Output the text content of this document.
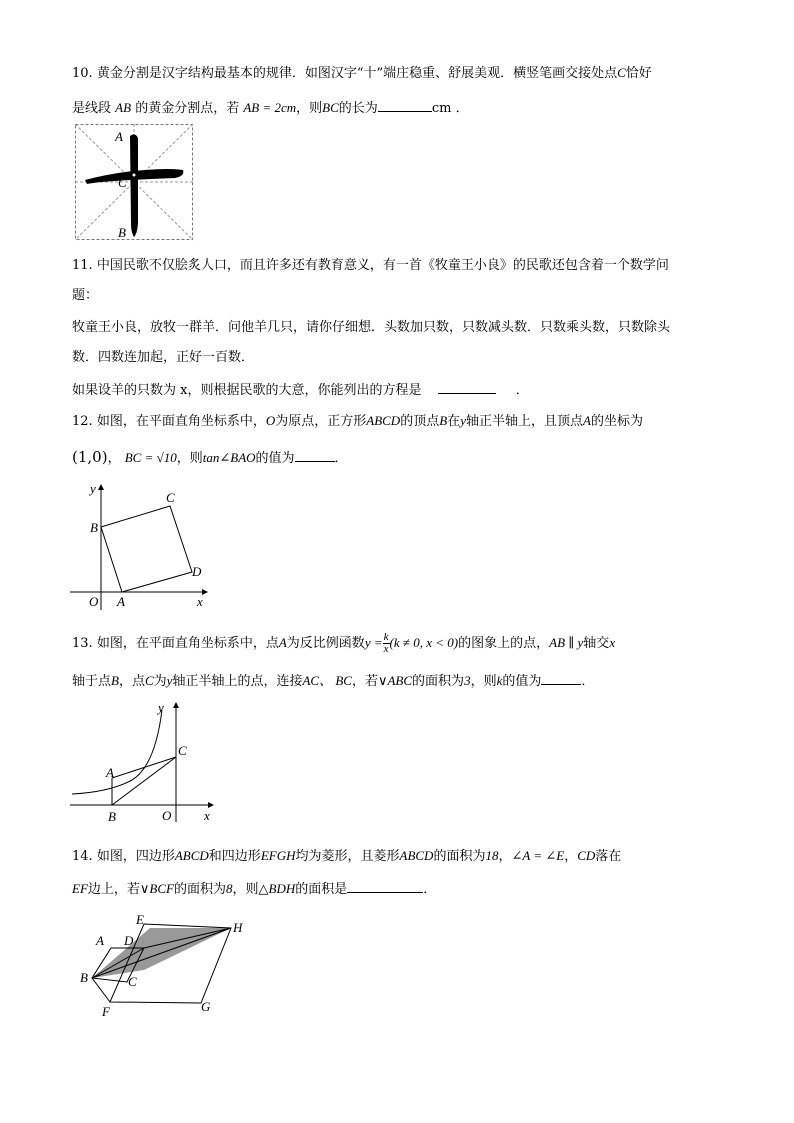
10. 黄金分割是汉字结构最基本的规律．如图汉字“十”端庄稳重、舒展美观．横竖笔画交接处点C恰好
是线段 AB 的黄金分割点，若 AB = 2cm，则BC的长为	cm ．
A
C
B
11. 中国民歌不仅脍炙人口，而且许多还有教育意义，有一首《牧童王小良》的民歌还包含着一个数学问
题：
牧童王小良，放牧一群羊．问他羊几只，请你仔细想．头数加只数，只数减头数．只数乘头数，只数除头
数．四数连加起，正好一百数．
如果设羊的只数为 x，则根据民歌的大意，你能列出的方程是	．
12. 如图，在平面直角坐标系中，O为原点，正方形ABCD的顶点B在y轴正半轴上，且顶点A的坐标为
(1,0)， BC = √10，则tan∠BAO的值为	．
y
x
O A
B
C
D
13. 如图，在平面直角坐标系中，点A为反比例函数$y = \frac{k}{x} (k \ne 0$, x < 0)的图象上的点，AB ∥ y轴交x
轴于点B，点C为y轴正半轴上的点，连接AC、 BC，若∨ABC的面积为3，则k的值为	．
y
x
O
A
B
C
14. 如图，四边形ABCD和四边形EFGH均为菱形，且菱形ABCD的面积为18，∠A = ∠E，CD落在
EF边上，若∨BCF的面积为8，则△BDH的面积是	．
A
B	C
D
E
F	G
H
